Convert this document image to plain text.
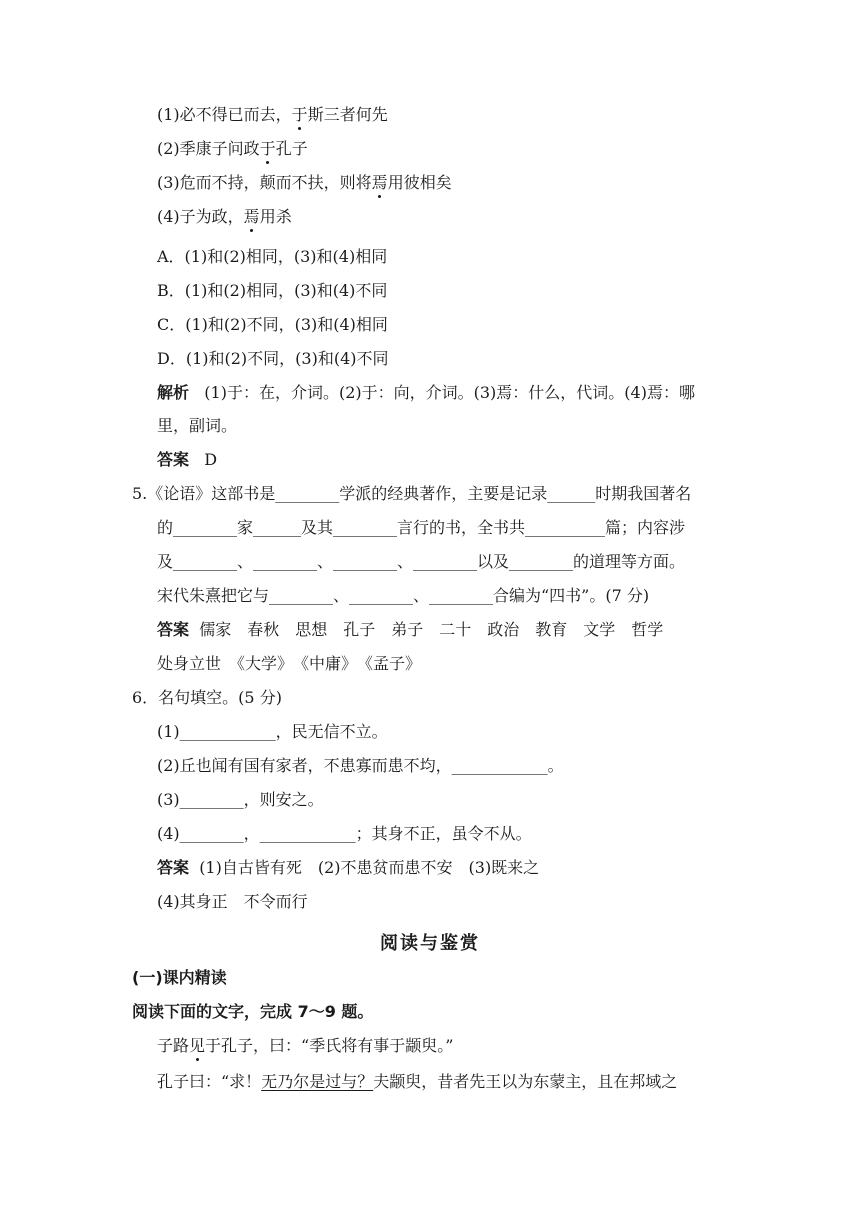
(1)必不得已而去，于斯三者何先
(2)季康子问政于孔子
(3)危而不持，颠而不扶，则将焉用彼相矣
(4)子为政，焉用杀
A．(1)和(2)相同，(3)和(4)相同
B．(1)和(2)相同，(3)和(4)不同
C．(1)和(2)不同，(3)和(4)相同
D．(1)和(2)不同，(3)和(4)不同
解析 (1)于：在，介词。(2)于：向，介词。(3)焉：什么，代词。(4)焉：哪
里，副词。
答案 D
5.《论语》这部书是________学派的经典著作，主要是记录______时期我国著名
的________家______及其________言行的书，全书共__________篇；内容涉
及________、________、________、________以及________的道理等方面。
宋代朱熹把它与________、________、________合编为“四书”。(7 分)
答案 儒家　春秋　思想　孔子　弟子　二十　政治　教育　文学　哲学
处身立世　《大学》　《中庸》　《孟子》
6．名句填空。(5 分)
(1)____________，民无信不立。
(2)丘也闻有国有家者，不患寡而患不均，____________。
(3)________，则安之。
(4)________，____________；其身不正，虽令不从。
答案 (1)自古皆有死　(2)不患贫而患不安　(3)既来之
(4)其身正　不令而行
阅读与鉴赏
(一)课内精读
阅读下面的文字，完成 7～9 题。
子路见于孔子，曰：“季氏将有事于颛臾。”
孔子曰：“求！无乃尔是过与？夫颛臾，昔者先王以为东蒙主，且在邦域之
